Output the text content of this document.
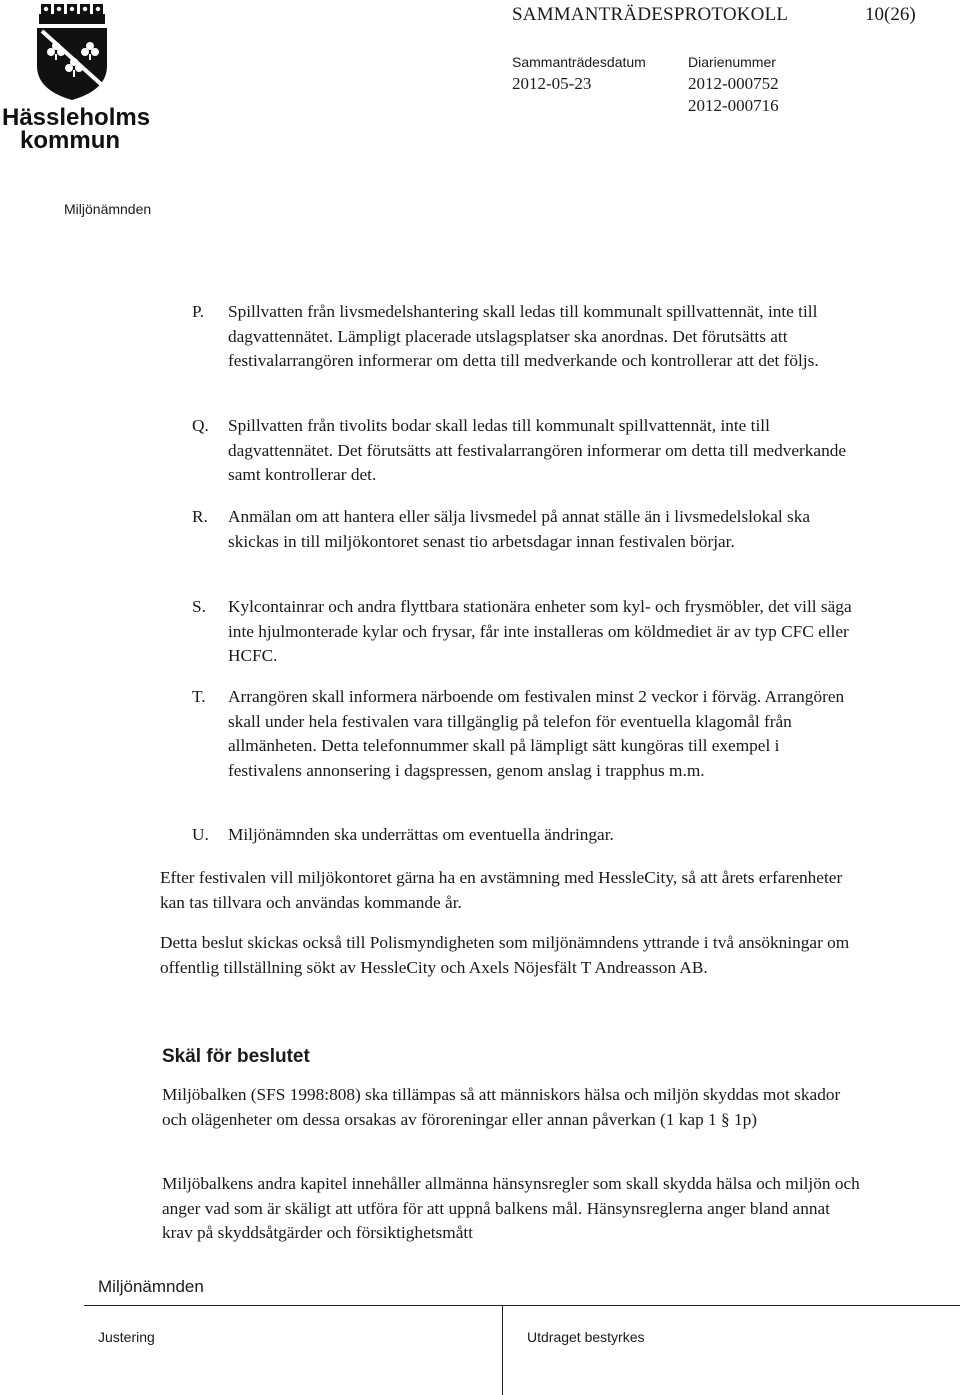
Hässleholms
kommun
SAMMANTRÄDESPROTOKOLL	10(26)
Sammanträdesdatum	Diarienummer
2012-05-23	2012-000752
2012-000716
Miljönämnden
P. Spillvatten från livsmedelshantering skall ledas till kommunalt spillvattennät, inte till dagvattennätet. Lämpligt placerade utslagsplatser ska anordnas. Det förutsätts att festivalarrangören informerar om detta till medverkande och kontrollerar att det följs.
Q. Spillvatten från tivolits bodar skall ledas till kommunalt spillvattennät, inte till dagvattennätet. Det förutsätts att festivalarrangören informerar om detta till medverkande samt kontrollerar det.
R. Anmälan om att hantera eller sälja livsmedel på annat ställe än i livsmedelslokal ska skickas in till miljökontoret senast tio arbetsdagar innan festivalen börjar.
S. Kylcontainrar och andra flyttbara stationära enheter som kyl- och frysmöbler, det vill säga inte hjulmonterade kylar och frysar, får inte installeras om köldmediet är av typ CFC eller HCFC.
T. Arrangören skall informera närboende om festivalen minst 2 veckor i förväg. Arrangören skall under hela festivalen vara tillgänglig på telefon för eventuella klagomål från allmänheten. Detta telefonnummer skall på lämpligt sätt kungöras till exempel i festivalens annonsering i dagspressen, genom anslag i trapphus m.m.
U. Miljönämnden ska underrättas om eventuella ändringar.
Efter festivalen vill miljökontoret gärna ha en avstämning med HessleCity, så att årets erfarenheter kan tas tillvara och användas kommande år.
Detta beslut skickas också till Polismyndigheten som miljönämndens yttrande i två ansökningar om offentlig tillställning sökt av HessleCity och Axels Nöjesfält T Andreasson AB.
Skäl för beslutet
Miljöbalken (SFS 1998:808) ska tillämpas så att människors hälsa och miljön skyddas mot skador och olägenheter om dessa orsakas av föroreningar eller annan påverkan (1 kap 1 § 1p)
Miljöbalkens andra kapitel innehåller allmänna hänsynsregler som skall skydda hälsa och miljön och anger vad som är skäligt att utföra för att uppnå balkens mål. Hänsynsreglerna anger bland annat krav på skyddsåtgärder och försiktighetsmått
Miljönämnden
Justering	Utdraget bestyrkes
